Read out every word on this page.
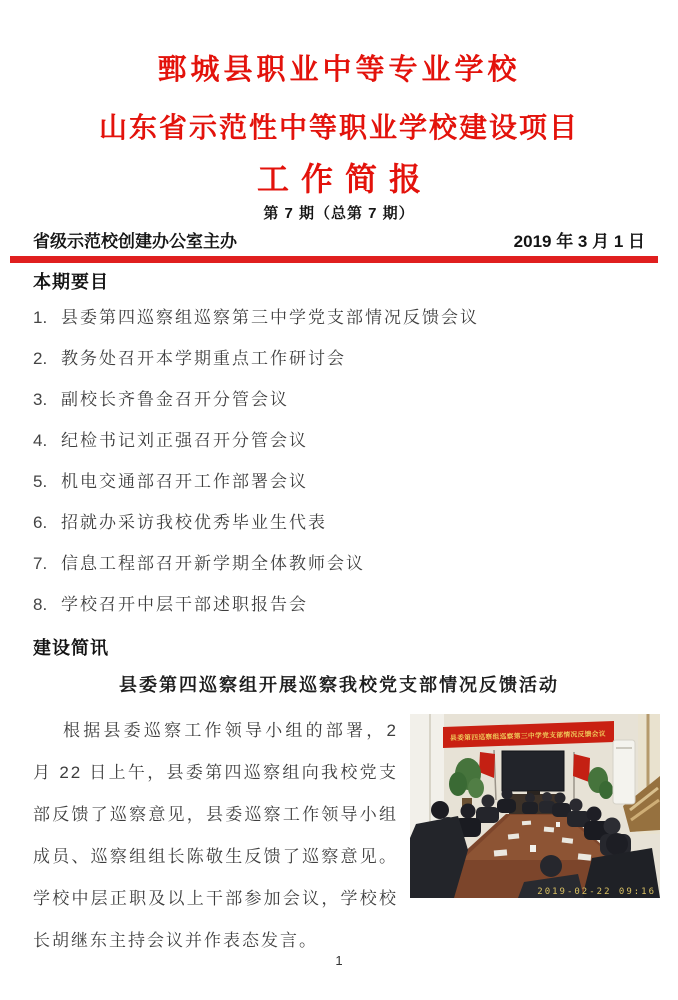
鄄城县职业中等专业学校
山东省示范性中等职业学校建设项目
工作简报
第 7 期（总第 7 期）
省级示范校创建办公室主办	2019 年 3 月 1 日
本期要目
1. 县委第四巡察组巡察第三中学党支部情况反馈会议
2. 教务处召开本学期重点工作研讨会
3. 副校长齐鲁金召开分管会议
4. 纪检书记刘正强召开分管会议
5. 机电交通部召开工作部署会议
6. 招就办采访我校优秀毕业生代表
7. 信息工程部召开新学期全体教师会议
8. 学校召开中层干部述职报告会
建设简讯
县委第四巡察组开展巡察我校党支部情况反馈活动
县委第四巡察组巡察第三中学党支部情况反馈会议
2019-02-22 09:16
根据县委巡察工作领导小组的部署，2 月 22 日上午，县委第四巡察组向我校党支部反馈了巡察意见，县委巡察工作领导小组成员、巡察组组长陈敬生反馈了巡察意见。学校中层正职及以上干部参加会议，学校校长胡继东主持会议并作表态发言。
1
